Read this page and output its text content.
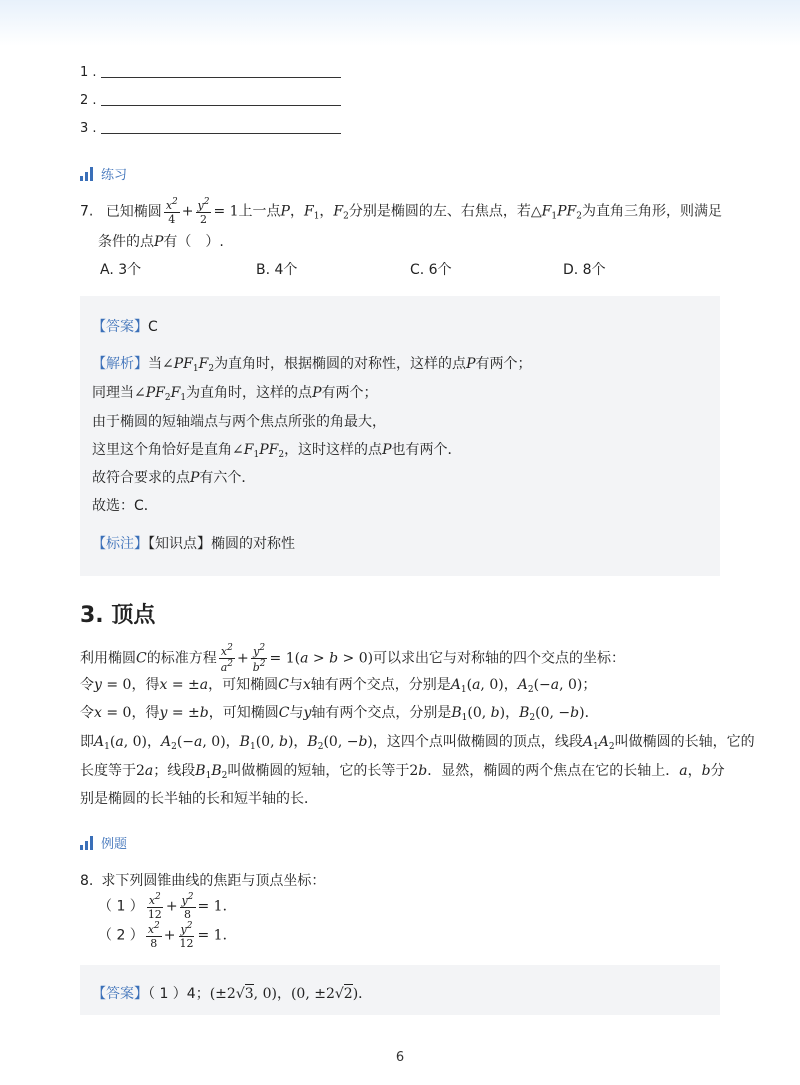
1 .
2 .
3 .
练习
7. 已知椭圆 $\frac{x^2}{4} + \frac{y^2}{2} = 1$上一点P，$F_1$，$F_2$分别是椭圆的左、右焦点，若$\triangle F_1PF_2$为直角三角形，则满足
条件的点P有（　）.
A. 3个	B. 4个	C. 6个	D. 8个
【答案】C
【解析】当$\angle PF_1F_2$为直角时，根据椭圆的对称性，这样的点P有两个；
同理当$\angle PF_2F_1$为直角时，这样的点P有两个；
由于椭圆的短轴端点与两个焦点所张的角最大，
这里这个角恰好是直角$\angle F_1PF_2$，这时这样的点P也有两个．
故符合要求的点P有六个．
故选：C．
【标注】【知识点】椭圆的对称性
3. 顶点
利用椭圆C的标准方程 $\frac{x^2}{a^2} + \frac{y^2}{b^2} = 1(a > b > 0)$可以求出它与对称轴的四个交点的坐标：
令y = 0，得x = ±a，可知椭圆C与x轴有两个交点，分别是$A_1(a$, 0)，$A_2(-a$, 0)；
令x = 0，得y = ±b，可知椭圆C与y轴有两个交点，分别是$B_1(0$, b)，$B_2(0$, −b)．
即$A_1(a$, 0)，$A_2(-a$, 0)，$B_1(0$, b)，$B_2(0$, −b)，这四个点叫做椭圆的顶点，线段$A_1A_2$叫做椭圆的长轴，它的
长度等于2a；线段$B_1B_2$叫做椭圆的短轴，它的长等于2b．显然，椭圆的两个焦点在它的长轴上．a，b分
别是椭圆的长半轴的长和短半轴的长．
例题
8. 求下列圆锥曲线的焦距与顶点坐标：
（ 1 ） $\frac{x^2}{12} + \frac{y^2}{8} = 1$．
（ 2 ） $\frac{x^2}{8} + \frac{y^2}{12} = 1$．
【答案】（ 1 ）4；(±2√3, 0)，(0, ±2√2)．
6
